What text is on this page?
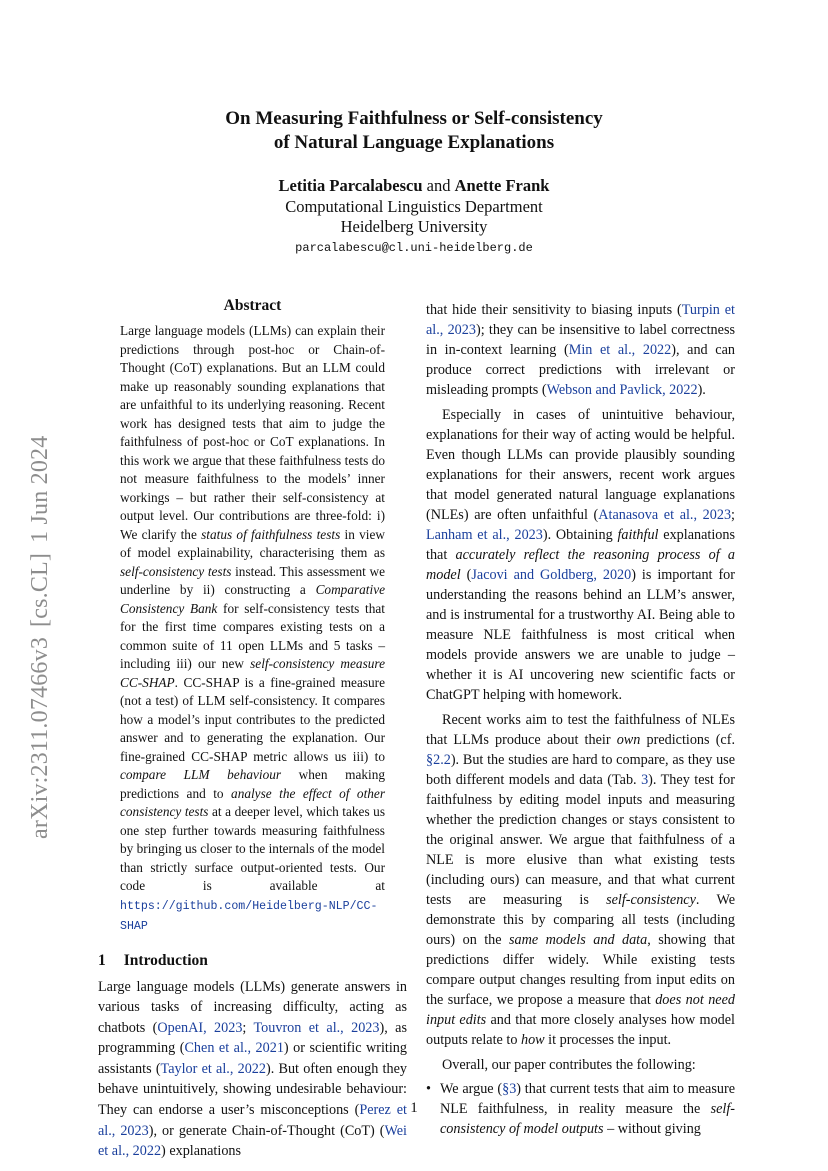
arXiv:2311.07466v3[cs.CL]1 Jun 2024
On Measuring Faithfulness or Self-consistency
of Natural Language Explanations
Letitia Parcalabescu and Anette Frank
Computational Linguistics Department
Heidelberg University
parcalabescu@cl.uni-heidelberg.de
Abstract
Large language models (LLMs) can explain their predictions through post-hoc or Chain-of-Thought (CoT) explanations. But an LLM could make up reasonably sounding explanations that are unfaithful to its underlying reasoning. Recent work has designed tests that aim to judge the faithfulness of post-hoc or CoT explanations. In this work we argue that these faithfulness tests do not measure faithfulness to the models’ inner workings – but rather their self-consistency at output level. Our contributions are three-fold: i) We clarify the status of faithfulness tests in view of model explainability, characterising them as self-consistency tests instead. This assessment we underline by ii) constructing a Comparative Consistency Bank for self-consistency tests that for the first time compares existing tests on a common suite of 11 open LLMs and 5 tasks – including iii) our new self-consistency measure CC-SHAP. CC-SHAP is a fine-grained measure (not a test) of LLM self-consistency. It compares how a model’s input contributes to the predicted answer and to generating the explanation. Our fine-grained CC-SHAP metric allows us iii) to compare LLM behaviour when making predictions and to analyse the effect of other consistency tests at a deeper level, which takes us one step further towards measuring faithfulness by bringing us closer to the internals of the model than strictly surface output-oriented tests. Our code is available at https://github.com/Heidelberg-NLP/CC-SHAP
1 Introduction

Large language models (LLMs) generate answers in various tasks of increasing difficulty, acting as chatbots (OpenAI, 2023; Touvron et al., 2023), as programming (Chen et al., 2021) or scientific writing assistants (Taylor et al., 2022). But often enough they behave unintuitively, showing undesirable behaviour: They can endorse a user’s misconceptions (Perez et al., 2023), or generate Chain-of-Thought (CoT) (Wei et al., 2022) explanations

that hide their sensitivity to biasing inputs (Turpin et al., 2023); they can be insensitive to label correctness in in-context learning (Min et al., 2022), and can produce correct predictions with irrelevant or misleading prompts (Webson and Pavlick, 2022).

Especially in cases of unintuitive behaviour, explanations for their way of acting would be helpful. Even though LLMs can provide plausibly sounding explanations for their answers, recent work argues that model generated natural language explanations (NLEs) are often unfaithful (Atanasova et al., 2023; Lanham et al., 2023). Obtaining faithful explanations that accurately reflect the reasoning process of a model (Jacovi and Goldberg, 2020) is important for understanding the reasons behind an LLM’s answer, and is instrumental for a trustworthy AI. Being able to measure NLE faithfulness is most critical when models provide answers we are unable to judge – whether it is AI uncovering new scientific facts or ChatGPT helping with homework.

Recent works aim to test the faithfulness of NLEs that LLMs produce about their own predictions (cf. §2.2). But the studies are hard to compare, as they use both different models and data (Tab. 3). They test for faithfulness by editing model inputs and measuring whether the prediction changes or stays consistent to the original answer. We argue that faithfulness of a NLE is more elusive than what existing tests (including ours) can measure, and that what current tests are measuring is self-consistency. We demonstrate this by comparing all tests (including ours) on the same models and data, showing that predictions differ widely. While existing tests compare output changes resulting from input edits on the surface, we propose a measure that does not need input edits and that more closely analyses how model outputs relate to how it processes the input.

Overall, our paper contributes the following:

• We argue (§3) that current tests that aim to measure NLE faithfulness, in reality measure the self-consistency of model outputs – without giving
1
